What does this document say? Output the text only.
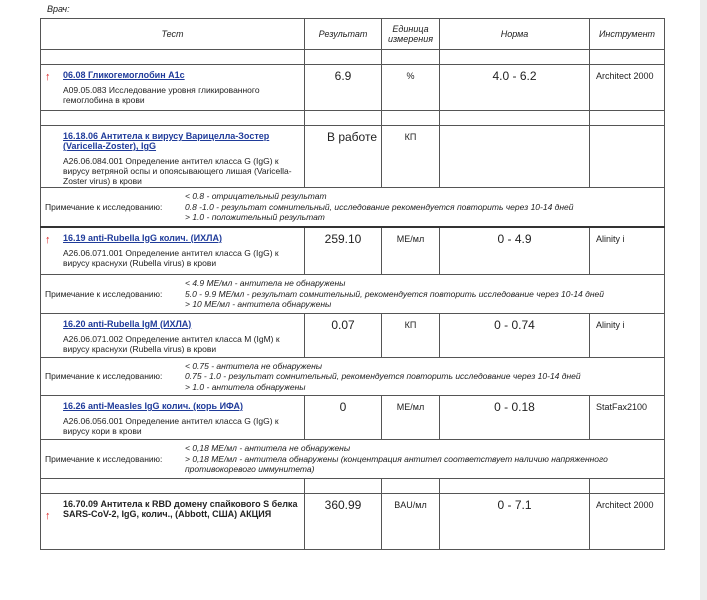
Врач:
Тест	Результат	Единица измерения	Норма	Инструмент

↑ 06.08 Гликогемоглобин А1с
A09.05.083 Исследование уровня гликированного гемоглобина в крови	6.9	%	4.0 - 6.2	Architect 2000

16.18.06 Антитела к вирусу Варицелла-Зостер (Varicella-Zoster), IgG
A26.06.084.001 Определение антител класса G (IgG) к вирусу ветряной оспы и опоясывающего лишая (Varicella-Zoster virus) в крови	В работе	КП		

Примечание к исследованию:
< 0.8 - отрицательный результат
0.8 -1.0 - результат сомнительный, исследование рекомендуется повторить через 10-14 дней
> 1.0 - положительный результат				

↑ 16.19 anti-Rubella IgG колич. (ИХЛА)
A26.06.071.001 Определение антител класса G (IgG) к вирусу краснухи (Rubella virus) в крови	259.10	МЕ/мл	0 - 4.9	Alinity i

Примечание к исследованию:
< 4.9 МЕ/мл - антитела не обнаружены
5.0 - 9.9 МЕ/мл - результат сомнительный, рекомендуется повторить исследование через 10-14 дней
> 10 МЕ/мл - антитела обнаружены				

16.20 anti-Rubella IgM (ИХЛА)
A26.06.071.002 Определение антител класса M (IgM) к вирусу краснухи (Rubella virus) в крови	0.07	КП	0 - 0.74	Alinity i

Примечание к исследованию:
< 0.75 - антитела не обнаружены
0.75 - 1.0 - результат сомнительный, рекомендуется повторить исследование через 10-14 дней
> 1.0 - антитела обнаружены				

16.26 anti-Measles IgG колич. (корь ИФА)
A26.06.056.001 Определение антител класса G (IgG) к вирусу кори в крови	0	МЕ/мл	0 - 0.18	StatFax2100

Примечание к исследованию:
< 0,18 МЕ/мл - антитела не обнаружены
> 0,18 МЕ/мл - антитела обнаружены (концентрация антител соответствует наличию напряженного противокоревого иммунитета)				

↑
16.70.09 Антитела к RBD домену спайкового S белка SARS-CoV-2, IgG, колич., (Abbott, США) АКЦИЯ	360.99	BAU/мл	0 - 7.1	Architect 2000
